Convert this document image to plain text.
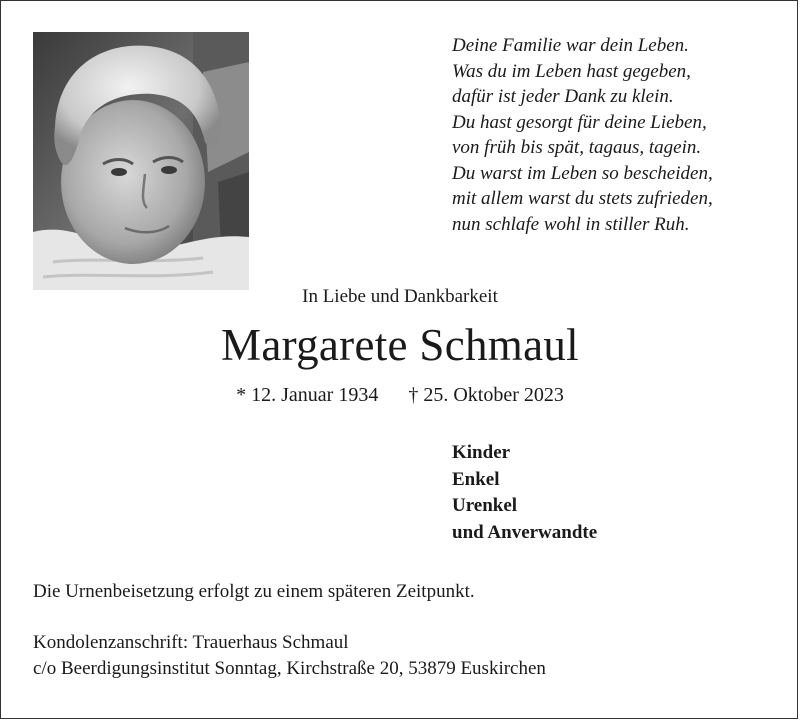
Deine Familie war dein Leben.
Was du im Leben hast gegeben,
dafür ist jeder Dank zu klein.
Du hast gesorgt für deine Lieben,
von früh bis spät, tagaus, tagein.
Du warst im Leben so bescheiden,
mit allem warst du stets zufrieden,
nun schlafe wohl in stiller Ruh.
In Liebe und Dankbarkeit
Margarete Schmaul
* 12. Januar 1934 † 25. Oktober 2023
Kinder
Enkel
Urenkel
und Anverwandte
Die Urnenbeisetzung erfolgt zu einem späteren Zeitpunkt.
Kondolenzanschrift: Trauerhaus Schmaul
c/o Beerdigungsinstitut Sonntag, Kirchstraße 20, 53879 Euskirchen
